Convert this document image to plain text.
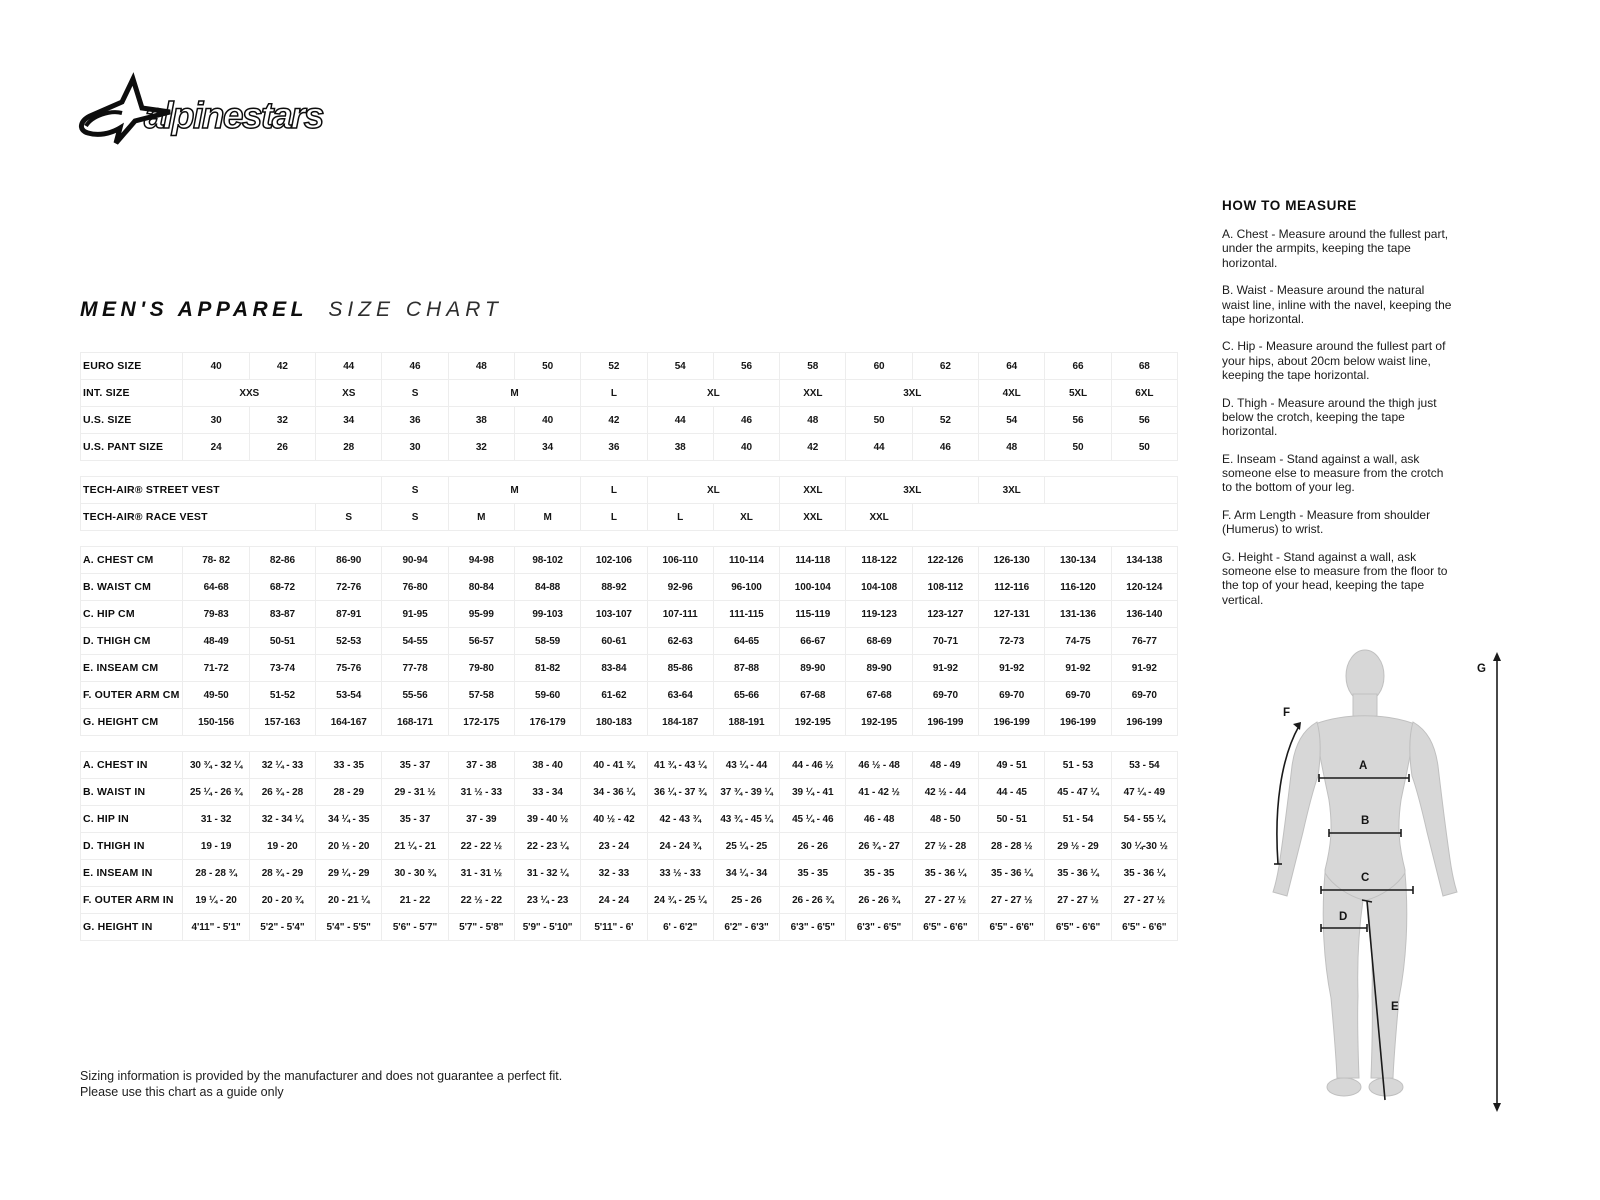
alpinestars
MEN'S APPAREL SIZE CHART
EURO SIZE	40	42	44	46	48	50	52	54	56	58	60	62	64	66	68
INT. SIZE	XXS		XS	S	M		L	XL		XXL	3XL		4XL	5XL	6XL
U.S. SIZE	30	32	34	36	38	40	42	44	46	48	50	52	54	56	56
U.S. PANT SIZE	24	26	28	30	32	34	36	38	40	42	44	46	48	50	50

TECH-AIR® STREET VEST				S	M		L	XL		XXL	3XL		3XL		
TECH-AIR® RACE VEST			S	S	M	M	L	L	XL	XXL	XXL				

A. CHEST CM	78- 82	82-86	86-90	90-94	94-98	98-102	102-106	106-110	110-114	114-118	118-122	122-126	126-130	130-134	134-138
B. WAIST CM	64-68	68-72	72-76	76-80	80-84	84-88	88-92	92-96	96-100	100-104	104-108	108-112	112-116	116-120	120-124
C. HIP CM	79-83	83-87	87-91	91-95	95-99	99-103	103-107	107-111	111-115	115-119	119-123	123-127	127-131	131-136	136-140
D. THIGH CM	48-49	50-51	52-53	54-55	56-57	58-59	60-61	62-63	64-65	66-67	68-69	70-71	72-73	74-75	76-77
E. INSEAM CM	71-72	73-74	75-76	77-78	79-80	81-82	83-84	85-86	87-88	89-90	89-90	91-92	91-92	91-92	91-92
F. OUTER ARM CM	49-50	51-52	53-54	55-56	57-58	59-60	61-62	63-64	65-66	67-68	67-68	69-70	69-70	69-70	69-70
G. HEIGHT CM	150-156	157-163	164-167	168-171	172-175	176-179	180-183	184-187	188-191	192-195	192-195	196-199	196-199	196-199	196-199

A. CHEST IN	30 ¾ - 32 ¼	32 ¼ - 33	33 - 35	35 - 37	37 - 38	38 - 40	40 - 41 ¾	41 ¾ - 43 ¼	43 ¼ - 44	44 - 46 ½	46 ½ - 48	48 - 49	49 - 51	51 - 53	53 - 54
B. WAIST IN	25 ¼ - 26 ¾	26 ¾ - 28	28 - 29	29 - 31 ½	31 ½ - 33	33 - 34	34 - 36 ¼	36 ¼ - 37 ¾	37 ¾ - 39 ¼	39 ¼ - 41	41 - 42 ½	42 ½ - 44	44 - 45	45 - 47 ¼	47 ¼ - 49
C. HIP IN	31 - 32	32 - 34 ¼	34 ¼ - 35	35 - 37	37 - 39	39 - 40 ½	40 ½ - 42	42 - 43 ¾	43 ¾ - 45 ¼	45 ¼ - 46	46 - 48	48 - 50	50 - 51	51 - 54	54 - 55 ¼
D. THIGH IN	19 - 19	19 - 20	20 ½ - 20	21 ¼ - 21	22 - 22 ½	22 - 23 ¼	23 - 24	24 - 24 ¾	25 ¼ - 25	26 - 26	26 ¾ - 27	27 ½ - 28	28 - 28 ½	29 ½ - 29	30 ¼-30 ½
E. INSEAM IN	28 - 28 ¾	28 ¾ - 29	29 ¼ - 29	30 - 30 ¾	31 - 31 ½	31 - 32 ¼	32 - 33	33 ½ - 33	34 ¼ - 34	35 - 35	35 - 35	35 - 36 ¼	35 - 36 ¼	35 - 36 ¼	35 - 36 ¼
F. OUTER ARM IN	19 ¼ - 20	20 - 20 ¾	20 - 21 ¼	21 - 22	22 ½ - 22	23 ¼ - 23	24 - 24	24 ¾ - 25 ¼	25 - 26	26 - 26 ¾	26 - 26 ¾	27 - 27 ½	27 - 27 ½	27 - 27 ½	27 - 27 ½
G. HEIGHT IN	4'11" - 5'1"	5'2" - 5'4"	5'4" - 5'5"	5'6" - 5'7"	5'7" - 5'8"	5'9" - 5'10"	5'11" - 6'	6' - 6'2"	6'2" - 6'3"	6'3" - 6'5"	6'3" - 6'5"	6'5" - 6'6"	6'5" - 6'6"	6'5" - 6'6"	6'5" - 6'6"
HOW TO MEASURE

A. Chest - Measure around the fullest part, under the armpits, keeping the tape horizontal.

B. Waist - Measure around the natural waist line, inline with the navel, keeping the tape horizontal.

C. Hip - Measure around the fullest part of your hips, about 20cm below waist line, keeping the tape horizontal.

D. Thigh - Measure around the thigh just below the crotch, keeping the tape horizontal.

E. Inseam - Stand against a wall, ask someone else to measure from the crotch to the bottom of your leg.

F. Arm Length - Measure from shoulder (Humerus) to wrist.

G. Height - Stand against a wall, ask someone else to measure from the floor to the top of your head, keeping the tape vertical.

A
B
C
D
E
F
G
Sizing information is provided by the manufacturer and does not guarantee a perfect fit.
Please use this chart as a guide only
